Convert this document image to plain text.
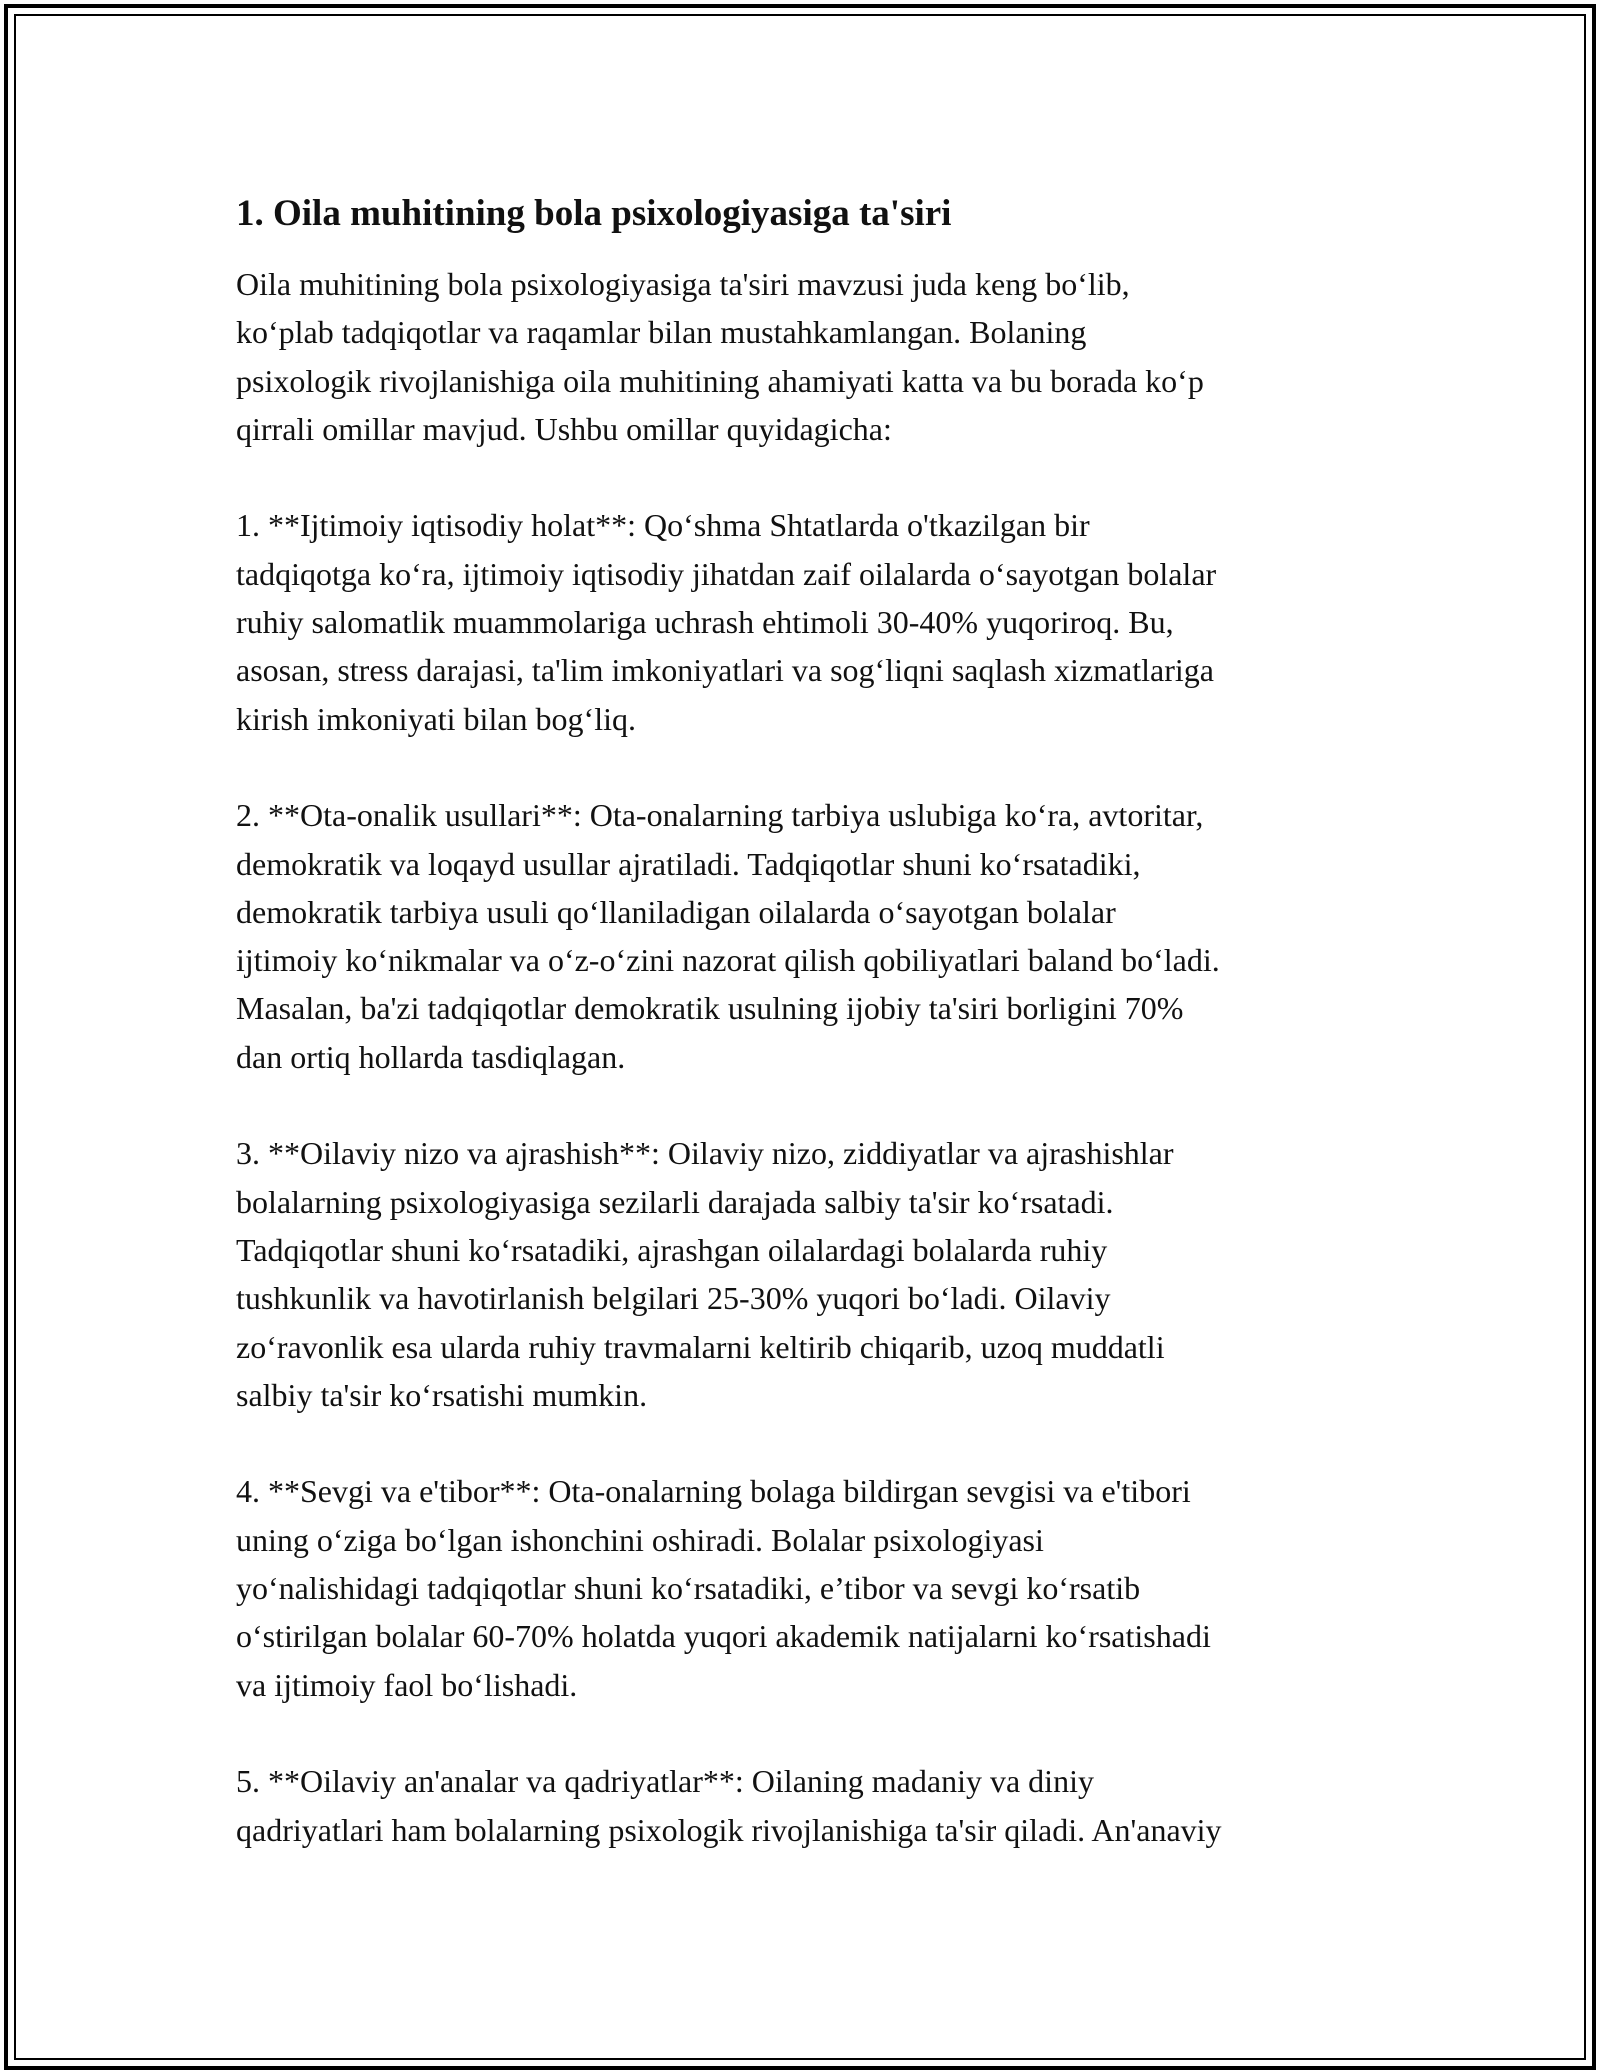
1. Oila muhitining bola psixologiyasiga ta'siri

Oila muhitining bola psixologiyasiga ta'siri mavzusi juda keng bo‘lib,
ko‘plab tadqiqotlar va raqamlar bilan mustahkamlangan. Bolaning
psixologik rivojlanishiga oila muhitining ahamiyati katta va bu borada ko‘p
qirrali omillar mavjud. Ushbu omillar quyidagicha:

1. **Ijtimoiy iqtisodiy holat**: Qo‘shma Shtatlarda o'tkazilgan bir
tadqiqotga ko‘ra, ijtimoiy iqtisodiy jihatdan zaif oilalarda o‘sayotgan bolalar
ruhiy salomatlik muammolariga uchrash ehtimoli 30-40% yuqoriroq. Bu,
asosan, stress darajasi, ta'lim imkoniyatlari va sog‘liqni saqlash xizmatlariga
kirish imkoniyati bilan bog‘liq.

2. **Ota-onalik usullari**: Ota-onalarning tarbiya uslubiga ko‘ra, avtoritar,
demokratik va loqayd usullar ajratiladi. Tadqiqotlar shuni ko‘rsatadiki,
demokratik tarbiya usuli qo‘llaniladigan oilalarda o‘sayotgan bolalar
ijtimoiy ko‘nikmalar va o‘z-o‘zini nazorat qilish qobiliyatlari baland bo‘ladi.
Masalan, ba'zi tadqiqotlar demokratik usulning ijobiy ta'siri borligini 70%
dan ortiq hollarda tasdiqlagan.

3. **Oilaviy nizo va ajrashish**: Oilaviy nizo, ziddiyatlar va ajrashishlar
bolalarning psixologiyasiga sezilarli darajada salbiy ta'sir ko‘rsatadi.
Tadqiqotlar shuni ko‘rsatadiki, ajrashgan oilalardagi bolalarda ruhiy
tushkunlik va havotirlanish belgilari 25-30% yuqori bo‘ladi. Oilaviy
zo‘ravonlik esa ularda ruhiy travmalarni keltirib chiqarib, uzoq muddatli
salbiy ta'sir ko‘rsatishi mumkin.

4. **Sevgi va e'tibor**: Ota-onalarning bolaga bildirgan sevgisi va e'tibori
uning o‘ziga bo‘lgan ishonchini oshiradi. Bolalar psixologiyasi
yo‘nalishidagi tadqiqotlar shuni ko‘rsatadiki, e’tibor va sevgi ko‘rsatib
o‘stirilgan bolalar 60-70% holatda yuqori akademik natijalarni ko‘rsatishadi
va ijtimoiy faol bo‘lishadi.

5. **Oilaviy an'analar va qadriyatlar**: Oilaning madaniy va diniy
qadriyatlari ham bolalarning psixologik rivojlanishiga ta'sir qiladi. An'anaviy
